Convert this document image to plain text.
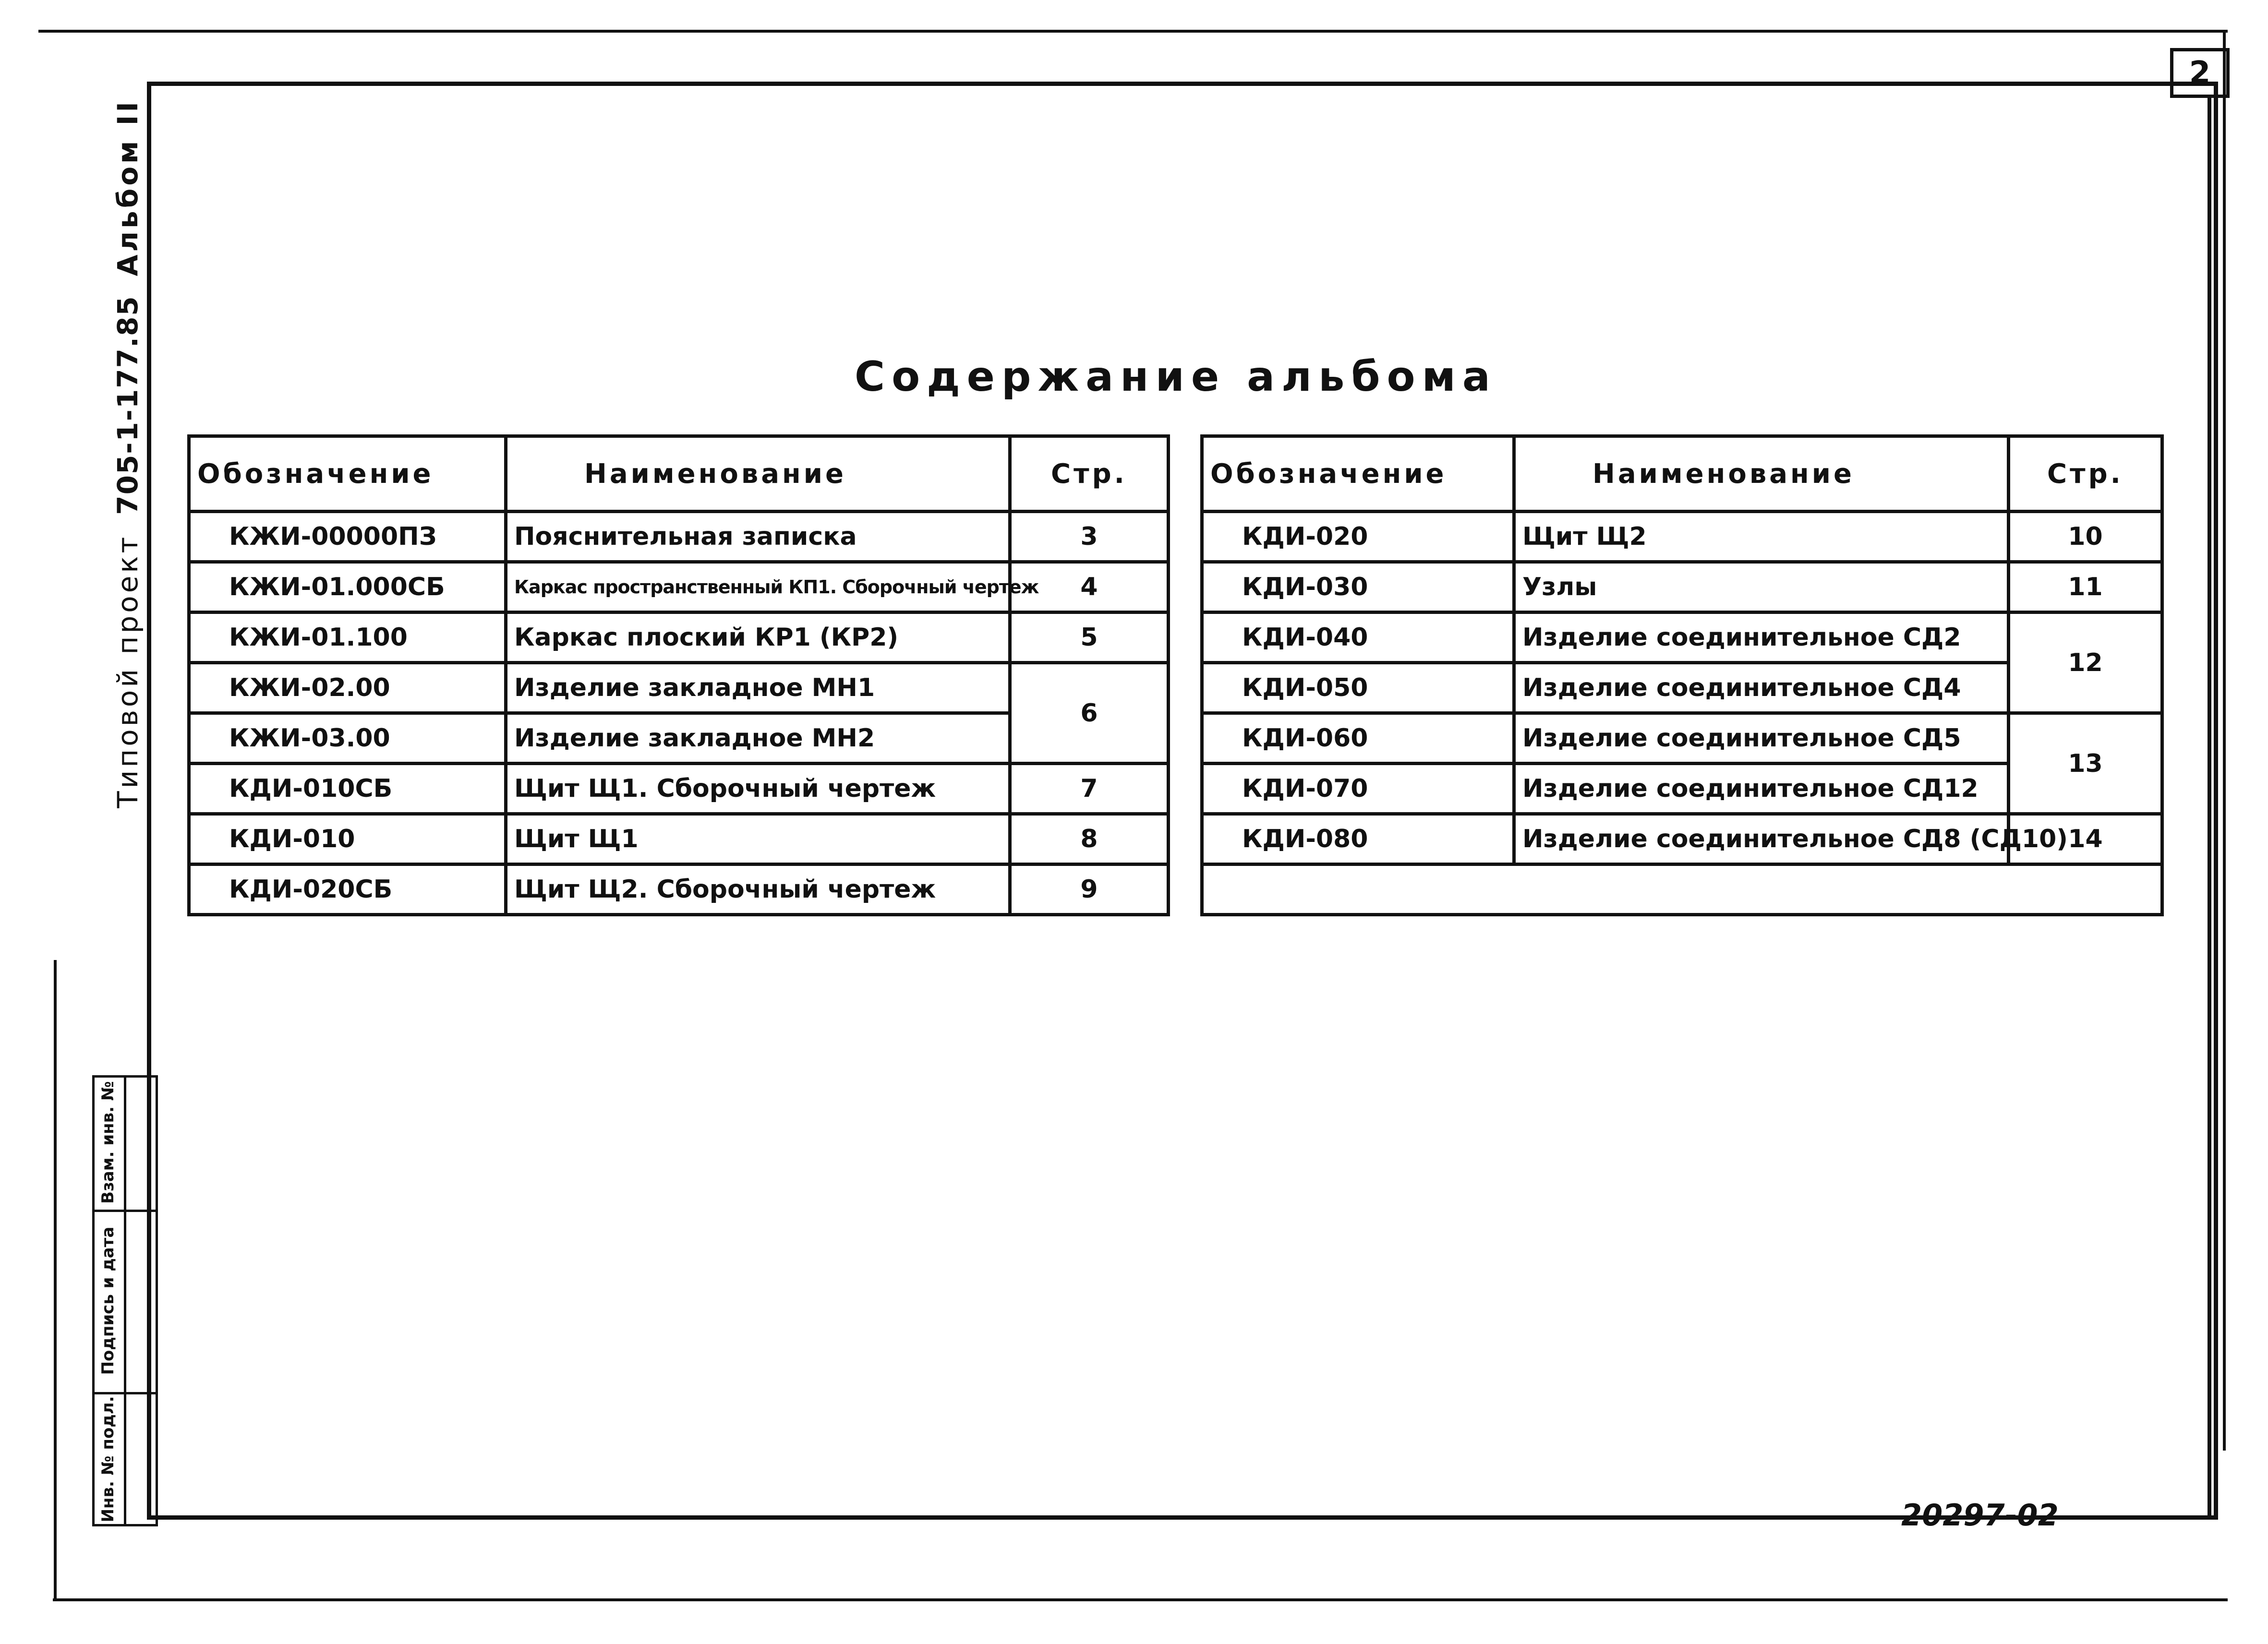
2
Типовой проект
705-1-177.85
Альбом II
Инв. № подл.
Подпись и дата
Взам. инв. №
Содержание альбома
Обозначение	Наименование	Стр.
КЖИ-00000ПЗ	Пояснительная записка	3
КЖИ-01.000СБ	Каркас пространственный КП1. Сборочный чертеж	4
КЖИ-01.100	Каркас плоский КР1 (КР2)	5
КЖИ-02.00	Изделие закладное МН1	6
КЖИ-03.00	Изделие закладное МН2	
КДИ-010СБ	Щит Щ1. Сборочный чертеж	7
КДИ-010	Щит Щ1	8
КДИ-020СБ	Щит Щ2. Сборочный чертеж	9
Обозначение	Наименование	Стр.
КДИ-020	Щит Щ2	10
КДИ-030	Узлы	11
КДИ-040	Изделие соединительное СД2	12
КДИ-050	Изделие соединительное СД4	
КДИ-060	Изделие соединительное СД5	13
КДИ-070	Изделие соединительное СД12	
КДИ-080	Изделие соединительное СД8 (СД10)	14

20297-02
